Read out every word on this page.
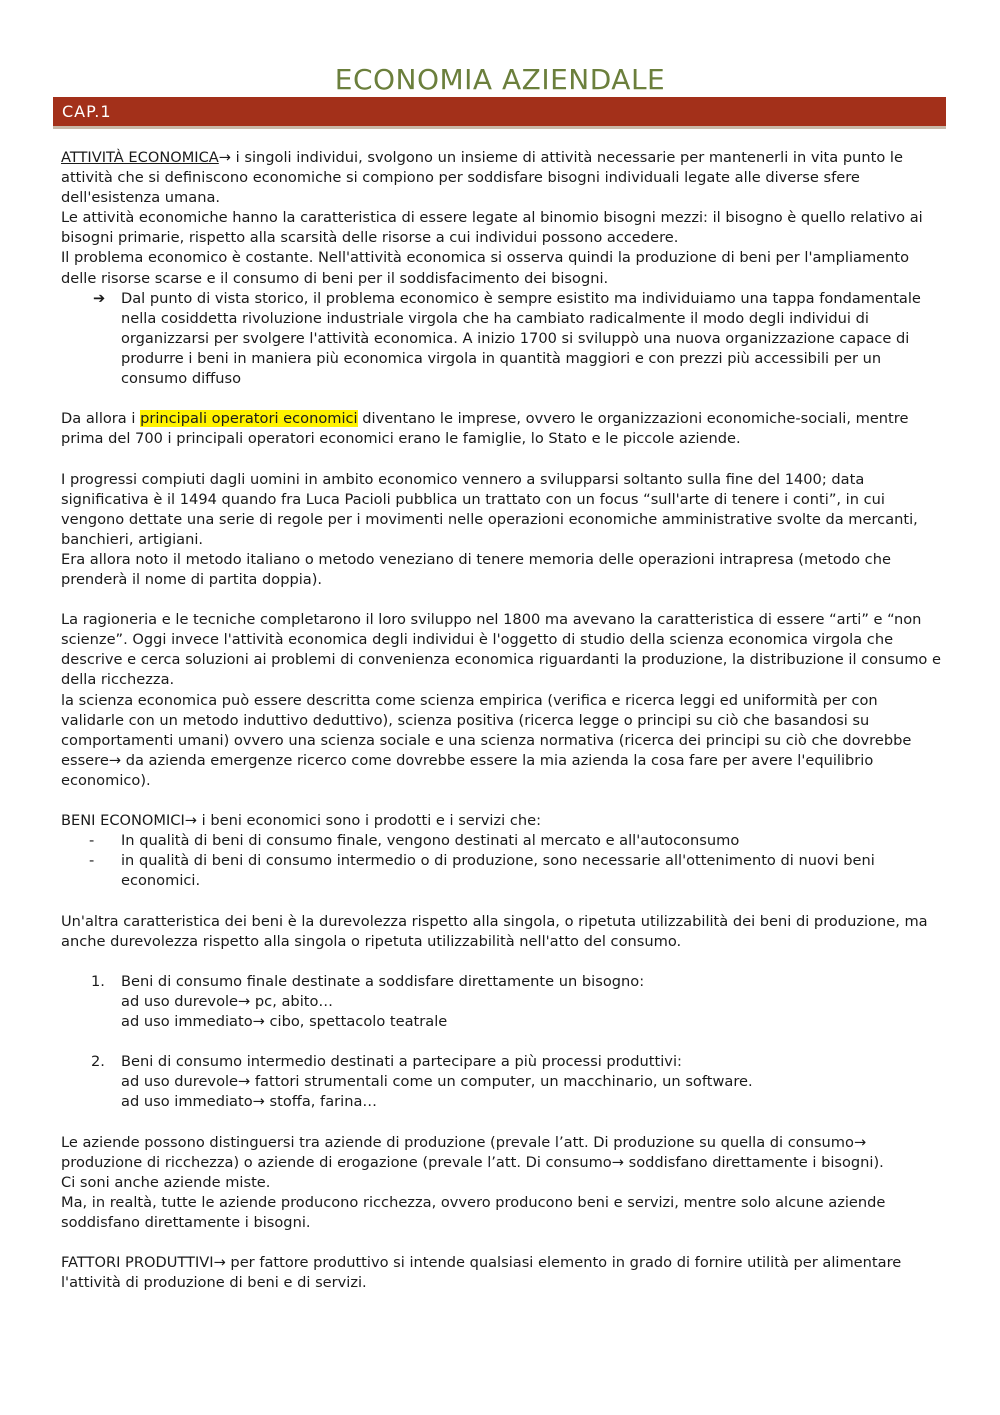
ECONOMIA AZIENDALE
CAP.1

ATTIVITÀ ECONOMICA→ i singoli individui, svolgono un insieme di attività necessarie per mantenerli in vita punto le attività che si definiscono economiche si compiono per soddisfare bisogni individuali legate alle diverse sfere dell'esistenza umana.

Le attività economiche hanno la caratteristica di essere legate al binomio bisogni mezzi: il bisogno è quello relativo ai bisogni primarie, rispetto alla scarsità delle risorse a cui individui possono accedere.

Il problema economico è costante. Nell'attività economica si osserva quindi la produzione di beni per l'ampliamento delle risorse scarse e il consumo di beni per il soddisfacimento dei bisogni.

➔	Dal punto di vista storico, il problema economico è sempre esistito ma individuiamo una tappa fondamentale nella cosiddetta rivoluzione industriale virgola che ha cambiato radicalmente il modo degli individui di organizzarsi per svolgere l'attività economica. A inizio 1700 si sviluppò una nuova organizzazione capace di produrre i beni in maniera più economica virgola in quantità maggiori e con prezzi più accessibili per un consumo diffuso

Da allora i principali operatori economici diventano le imprese, ovvero le organizzazioni economiche-sociali, mentre prima del 700 i principali operatori economici erano le famiglie, lo Stato e le piccole aziende.

I progressi compiuti dagli uomini in ambito economico vennero a svilupparsi soltanto sulla fine del 1400; data significativa è il 1494 quando fra Luca Pacioli pubblica un trattato con un focus “sull'arte di tenere i conti”, in cui vengono dettate una serie di regole per i movimenti nelle operazioni economiche amministrative svolte da mercanti, banchieri, artigiani.

Era allora noto il metodo italiano o metodo veneziano di tenere memoria delle operazioni intrapresa (metodo che prenderà il nome di partita doppia).

La ragioneria e le tecniche completarono il loro sviluppo nel 1800 ma avevano la caratteristica di essere “arti” e “non scienze”. Oggi invece l'attività economica degli individui è l'oggetto di studio della scienza economica virgola che descrive e cerca soluzioni ai problemi di convenienza economica riguardanti la produzione, la distribuzione il consumo e della ricchezza.

la scienza economica può essere descritta come scienza empirica (verifica e ricerca leggi ed uniformità per con validarle con un metodo induttivo deduttivo), scienza positiva (ricerca legge o principi su ciò che basandosi su comportamenti umani) ovvero una scienza sociale e una scienza normativa (ricerca dei principi su ciò che dovrebbe essere→ da azienda emergenze ricerco come dovrebbe essere la mia azienda la cosa fare per avere l'equilibrio economico).

BENI ECONOMICI→ i beni economici sono i prodotti e i servizi che:

-	In qualità di beni di consumo finale, vengono destinati al mercato e all'autoconsumo
-	in qualità di beni di consumo intermedio o di produzione, sono necessarie all'ottenimento di nuovi beni economici.

Un'altra caratteristica dei beni è la durevolezza rispetto alla singola, o ripetuta utilizzabilità dei beni di produzione, ma anche durevolezza rispetto alla singola o ripetuta utilizzabilità nell'atto del consumo.

1.	Beni di consumo finale destinate a soddisfare direttamente un bisogno:

ad uso durevole→ pc, abito…

ad uso immediato→ cibo, spettacolo teatrale

2.	Beni di consumo intermedio destinati a partecipare a più processi produttivi:

ad uso durevole→ fattori strumentali come un computer, un macchinario, un software.

ad uso immediato→ stoffa, farina…

Le aziende possono distinguersi tra aziende di produzione (prevale l’att. Di produzione su quella di consumo→ produzione di ricchezza) o aziende di erogazione (prevale l’att. Di consumo→ soddisfano direttamente i bisogni).

Ci soni anche aziende miste.

Ma, in realtà, tutte le aziende producono ricchezza, ovvero producono beni e servizi, mentre solo alcune aziende soddisfano direttamente i bisogni.

FATTORI PRODUTTIVI→ per fattore produttivo si intende qualsiasi elemento in grado di fornire utilità per alimentare l'attività di produzione di beni e di servizi.
